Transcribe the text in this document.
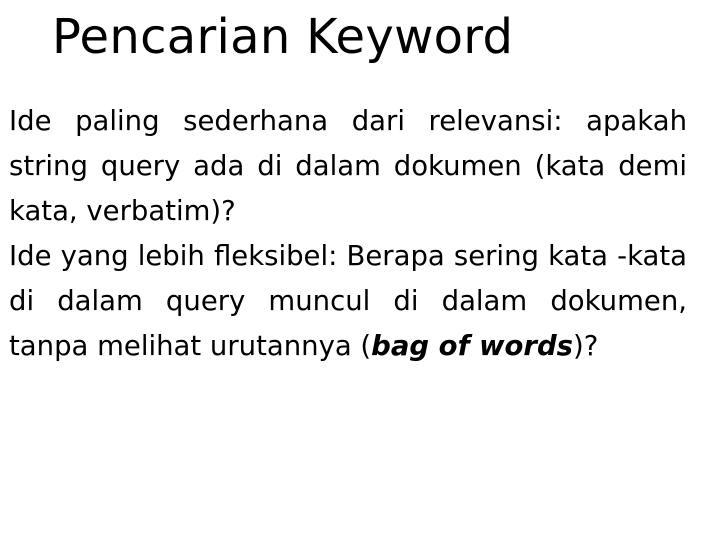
Pencarian Keyword

Ide paling sederhana dari relevansi: apakah string query ada di dalam dokumen (kata demi kata, verbatim)?

Ide yang lebih fleksibel: Berapa sering kata -kata di dalam query muncul di dalam dokumen, tanpa melihat urutannya (bag of words)?
